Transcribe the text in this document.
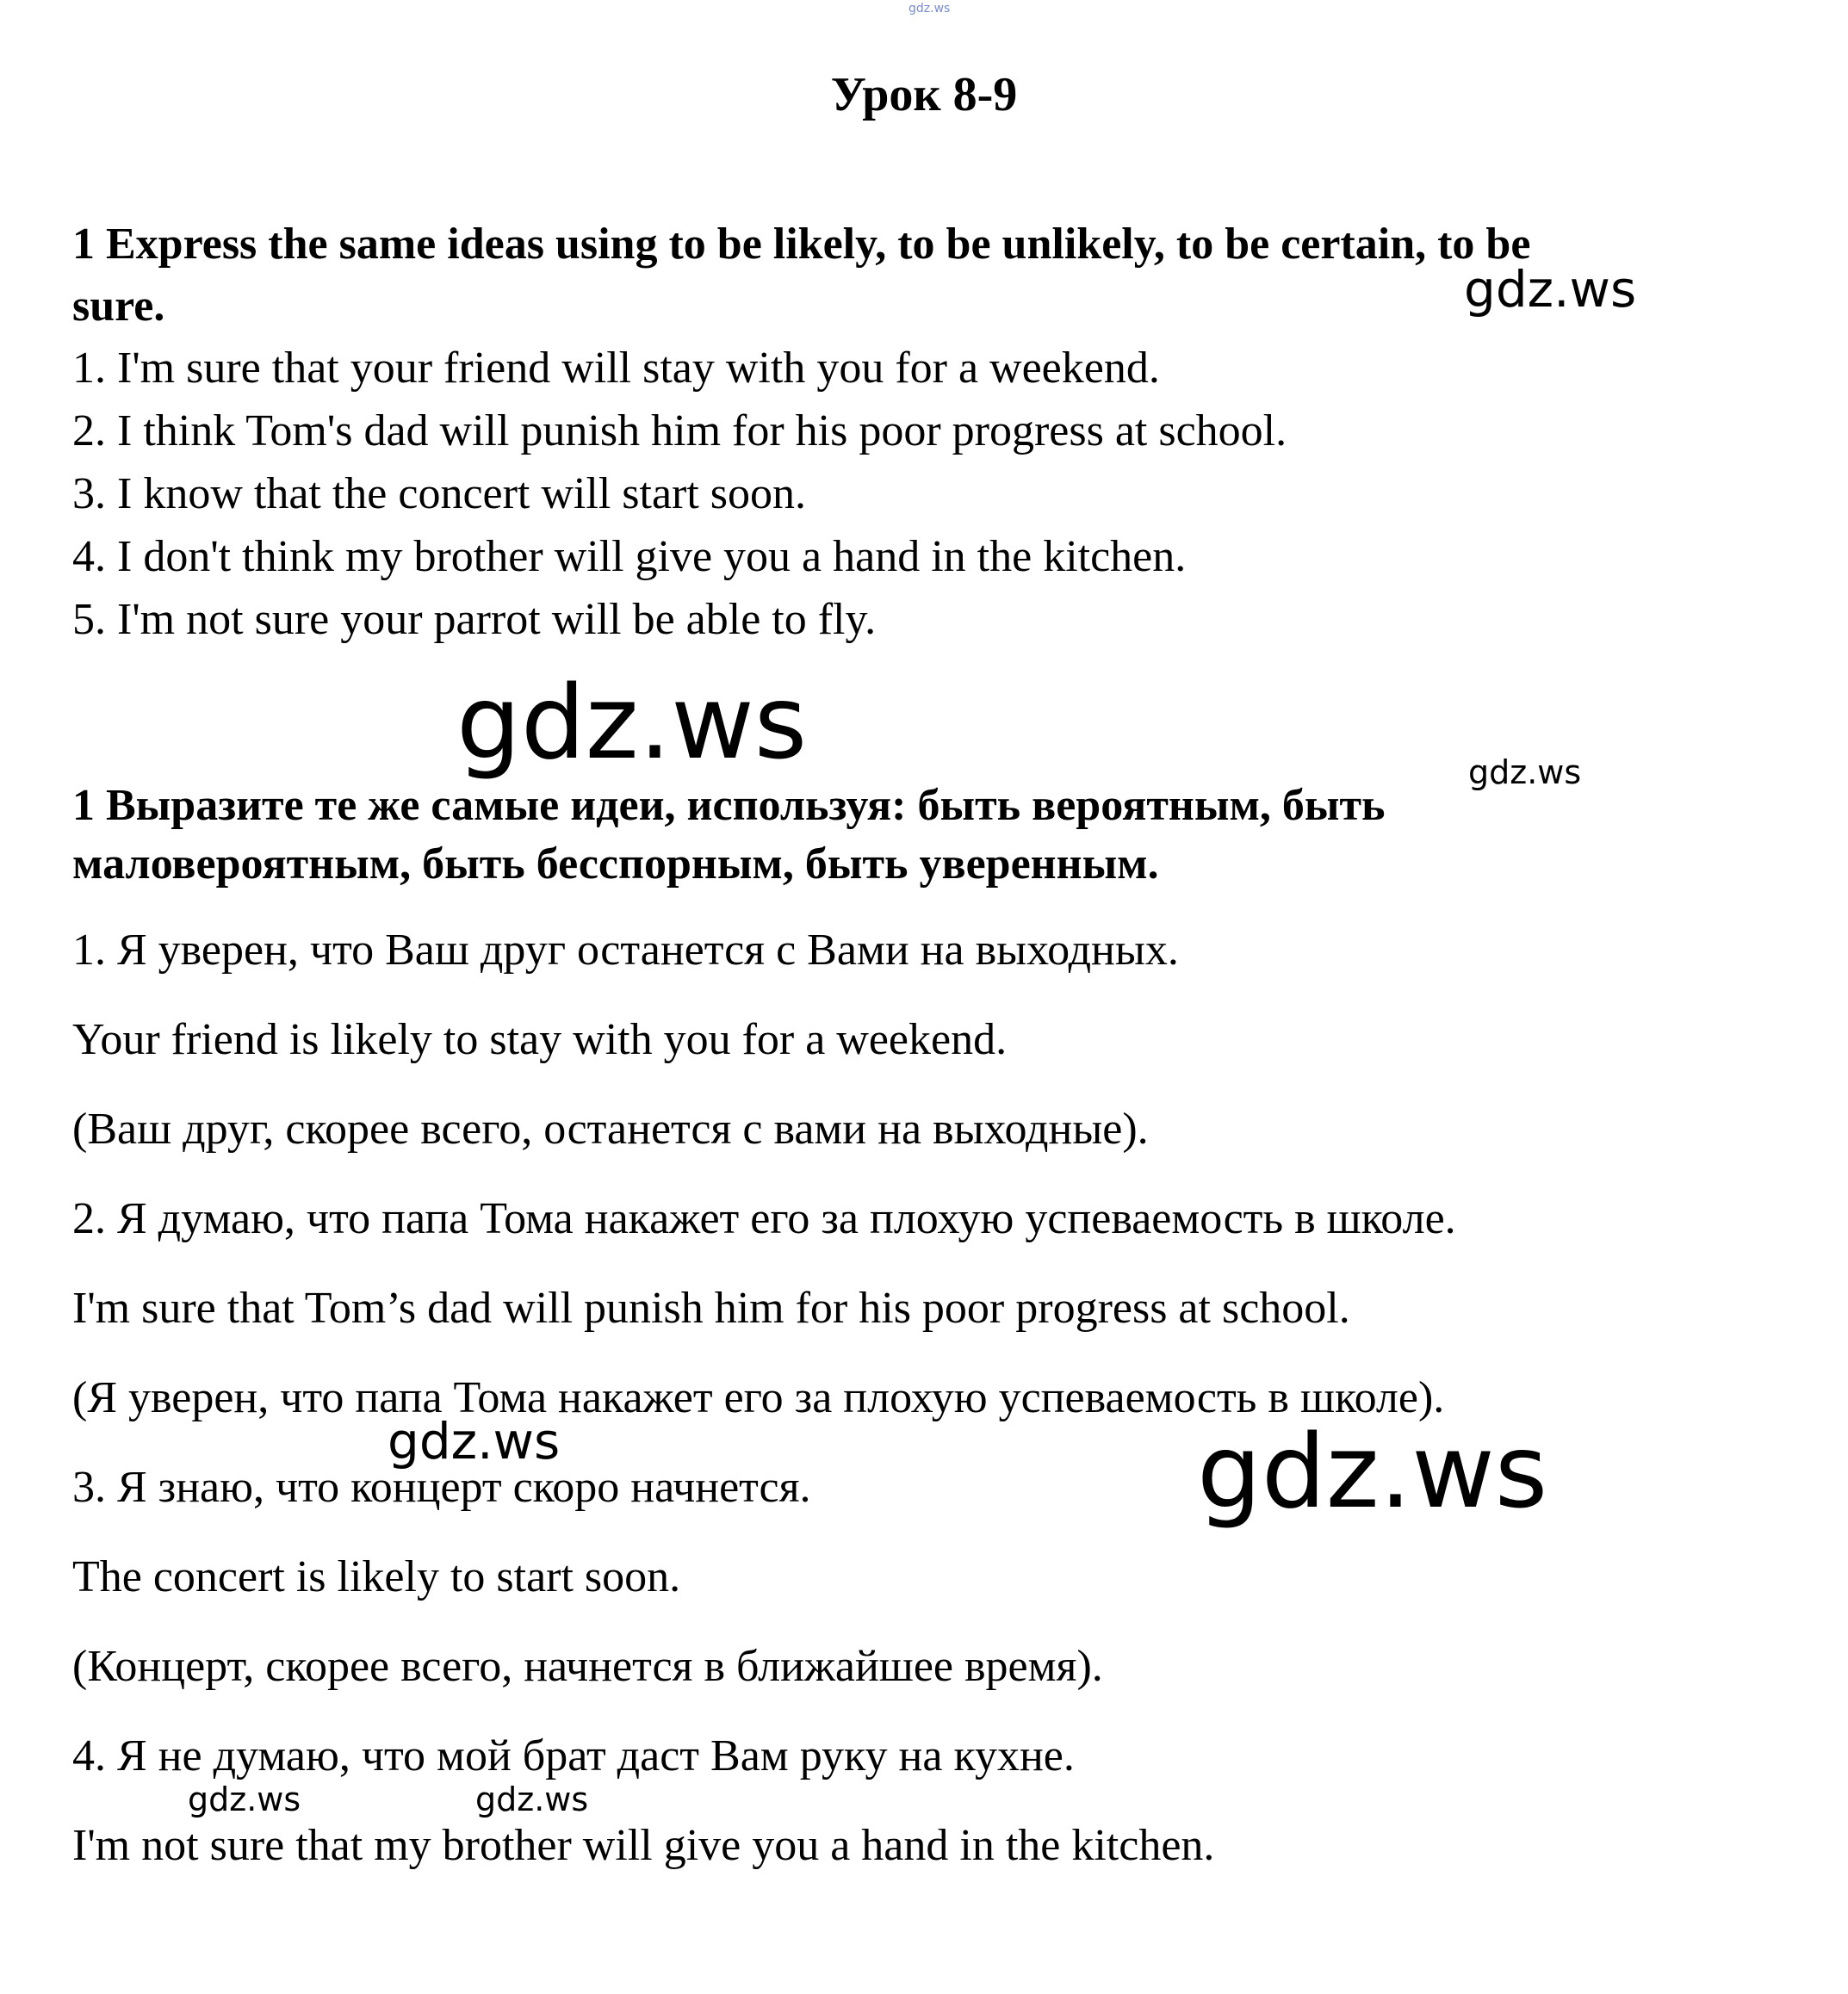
gdz.ws
Урок 8-9
1 Express the same ideas using to be likely, to be unlikely, to be certain, to be
sure.	gdz.ws
1. I'm sure that your friend will stay with you for a weekend.
2. I think Tom's dad will punish him for his poor progress at school.
3. I know that the concert will start soon.
4. I don't think my brother will give you a hand in the kitchen.
5. I'm not sure your parrot will be able to fly.
gdz.ws	gdz.ws
1 Выразите те же самые идеи, используя: быть вероятным, быть
маловероятным, быть бесспорным, быть уверенным.
1. Я уверен, что Ваш друг останется с Вами на выходных.
Your friend is likely to stay with you for a weekend.
(Ваш друг, скорее всего, останется с вами на выходные).
2. Я думаю, что папа Тома накажет его за плохую успеваемость в школе.
I'm sure that Tom’s dad will punish him for his poor progress at school.
(Я уверен, что папа Тома накажет его за плохую успеваемость в школе).
gdz.ws	gdz.ws
3. Я знаю, что концерт скоро начнется.
The concert is likely to start soon.
(Концерт, скорее всего, начнется в ближайшее время).
4. Я не думаю, что мой брат даст Вам руку на кухне.
gdz.ws	gdz.ws
I'm not sure that my brother will give you a hand in the kitchen.
